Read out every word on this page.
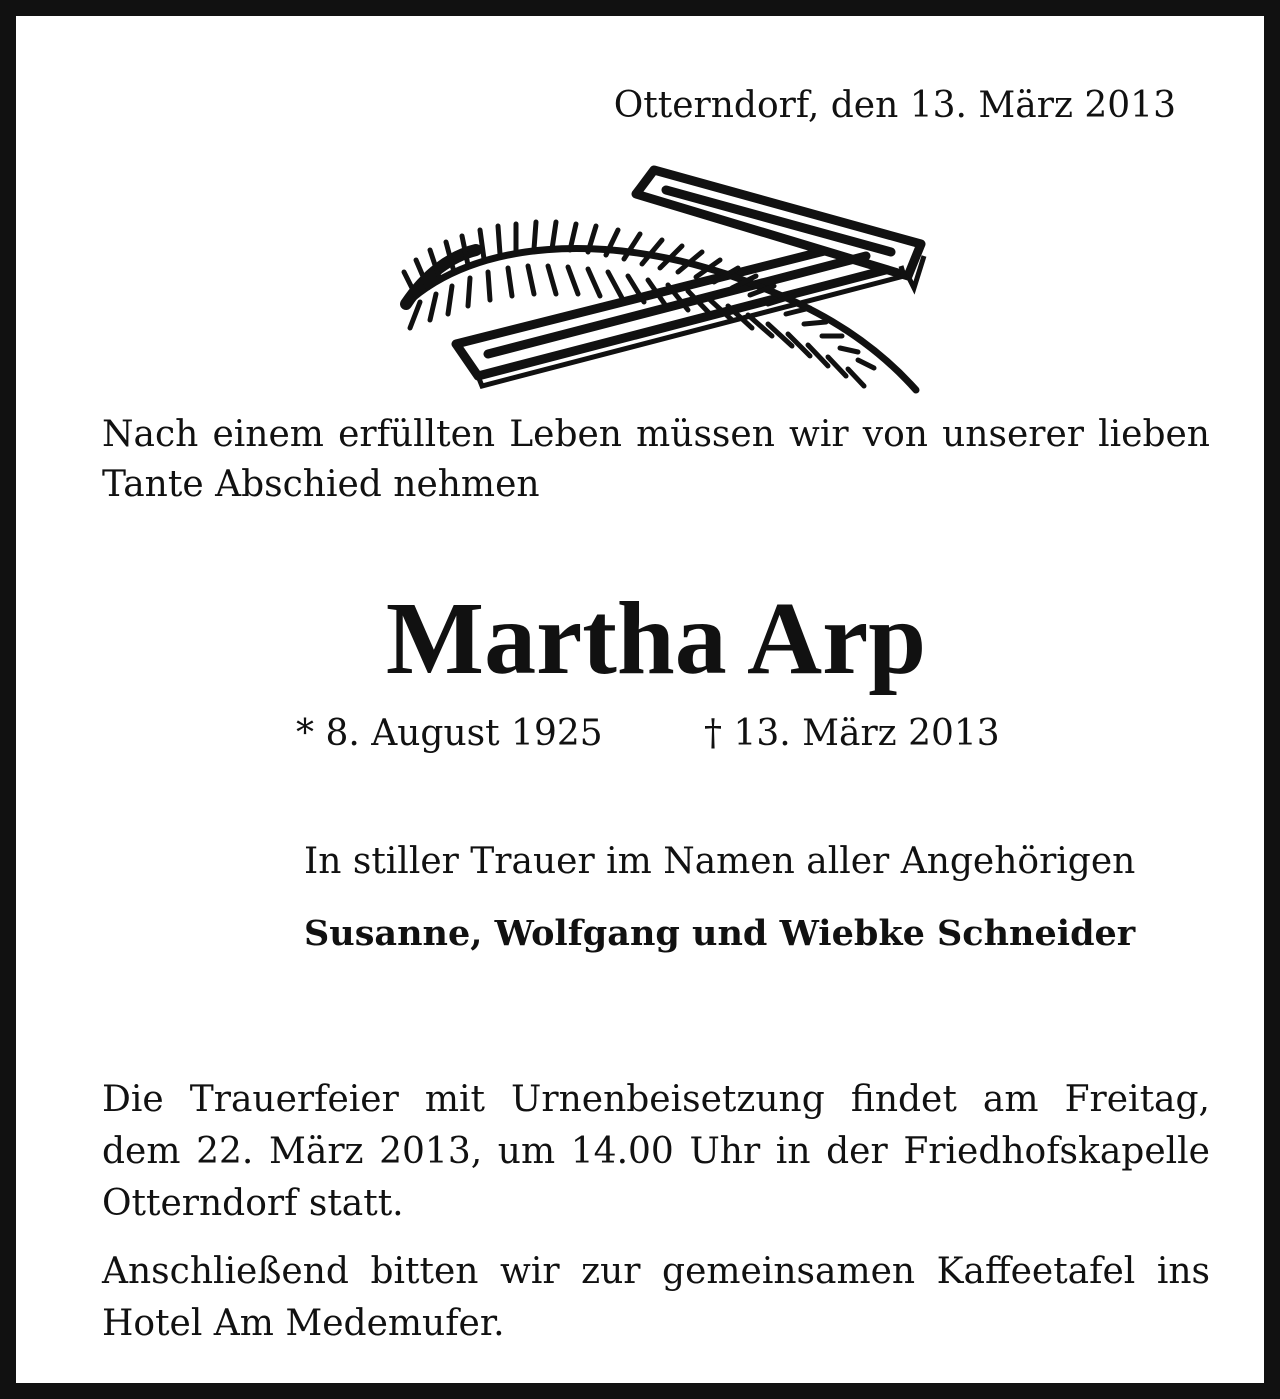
Otterndorf, den 13. März 2013
Nach einem erfüllten Leben müssen wir von unserer lieben Tante Abschied nehmen
Martha Arp
* 8. August 1925	† 13. März 2013
In stiller Trauer im Namen aller Angehörigen
Susanne, Wolfgang und Wiebke Schneider
Die Trauerfeier mit Urnenbeisetzung findet am Freitag, dem 22. März 2013, um 14.00 Uhr in der Friedhofskapelle Otterndorf statt.
Anschließend bitten wir zur gemeinsamen Kaffeetafel ins Hotel Am Medemufer.
